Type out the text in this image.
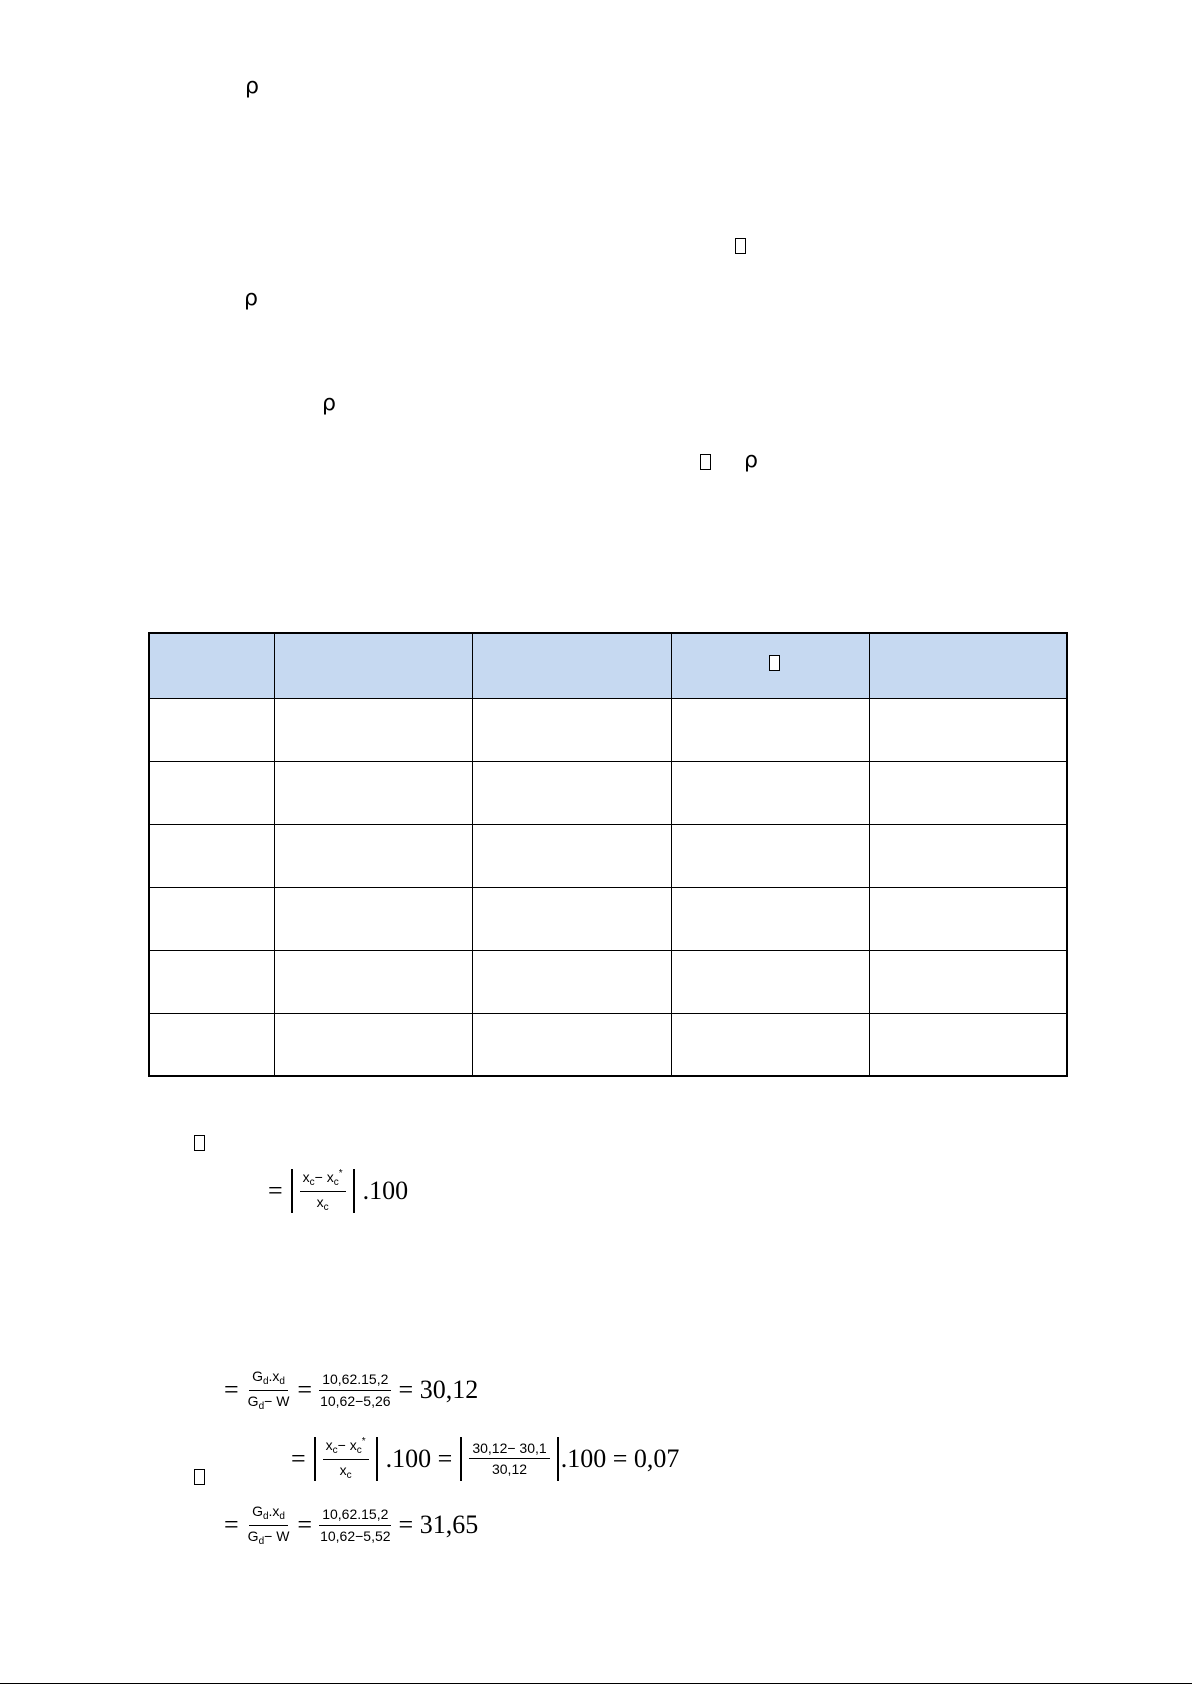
ρ
ρ
ρ
ρ

= $\frac{x_c- x_c^*}{x_c} .100$
= $\frac{G_d.x_d}{G_d- W} = \frac{10,62.15,2}{10,62-5,26} = 30,12$
= $\frac{x_c- x_c^*}{x_c} .100 = \frac{30,12- 30,1}{30,12} .100 = 0,07$
= $\frac{G_d.x_d}{G_d- W} = \frac{10,62.15,2}{10,62-5,52} = 31,65$
